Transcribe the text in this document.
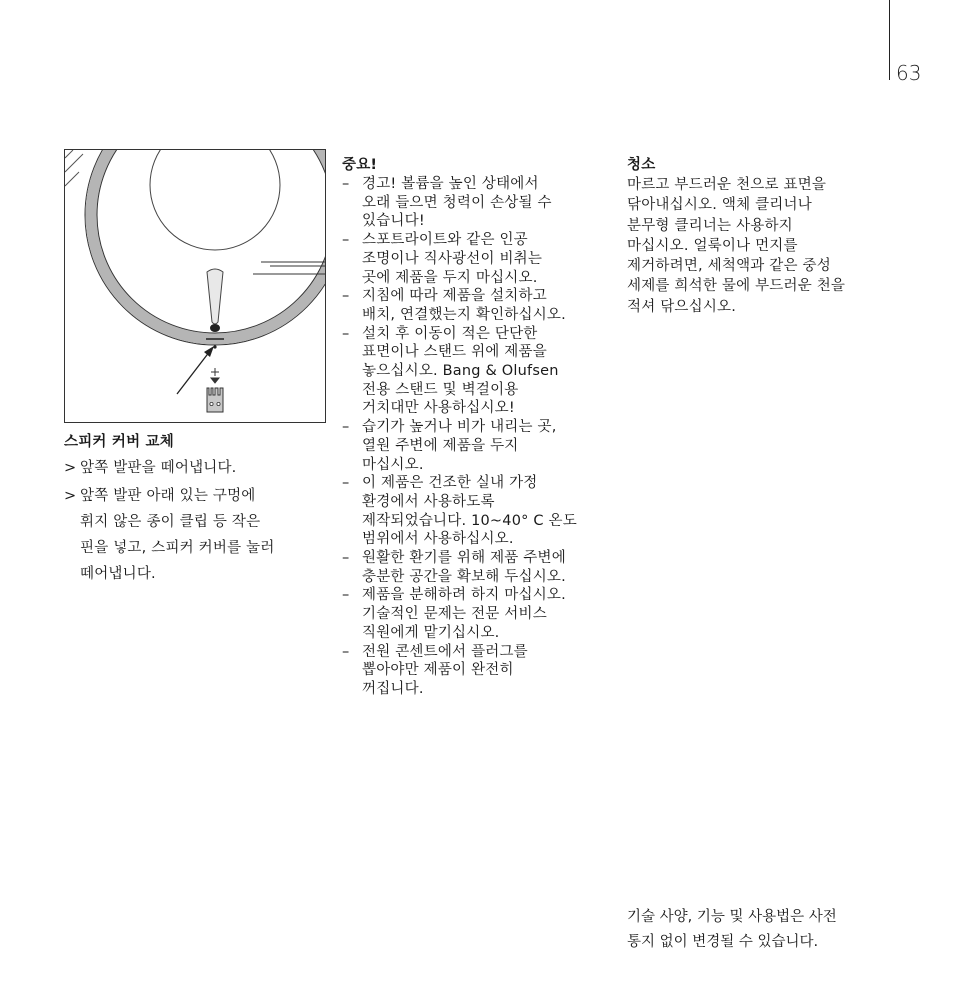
63
스피커 커버 교체
> 앞쪽 발판을 떼어냅니다.
> 앞쪽 발판 아래 있는 구멍에
휘지 않은 종이 클립 등 작은
핀을 넣고, 스피커 커버를 눌러
떼어냅니다.
중요!
– 경고! 볼륨을 높인 상태에서
오래 들으면 청력이 손상될 수
있습니다!
– 스포트라이트와 같은 인공
조명이나 직사광선이 비취는
곳에 제품을 두지 마십시오.
– 지침에 따라 제품을 설치하고
배치, 연결했는지 확인하십시오.
– 설치 후 이동이 적은 단단한
표면이나 스탠드 위에 제품을
놓으십시오. Bang & Olufsen
전용 스탠드 및 벽걸이용
거치대만 사용하십시오!
– 습기가 높거나 비가 내리는 곳,
열원 주변에 제품을 두지
마십시오.
– 이 제품은 건조한 실내 가정
환경에서 사용하도록
제작되었습니다. 10~40° C 온도
범위에서 사용하십시오.
– 원활한 환기를 위해 제품 주변에
충분한 공간을 확보해 두십시오.
– 제품을 분해하려 하지 마십시오.
기술적인 문제는 전문 서비스
직원에게 맡기십시오.
– 전원 콘센트에서 플러그를
뽑아야만 제품이 완전히
꺼집니다.
청소
마르고 부드러운 천으로 표면을
닦아내십시오. 액체 클리너나
분무형 클리너는 사용하지
마십시오. 얼룩이나 먼지를
제거하려면, 세척액과 같은 중성
세제를 희석한 물에 부드러운 천을
적셔 닦으십시오.
기술 사양, 기능 및 사용법은 사전
통지 없이 변경될 수 있습니다.
